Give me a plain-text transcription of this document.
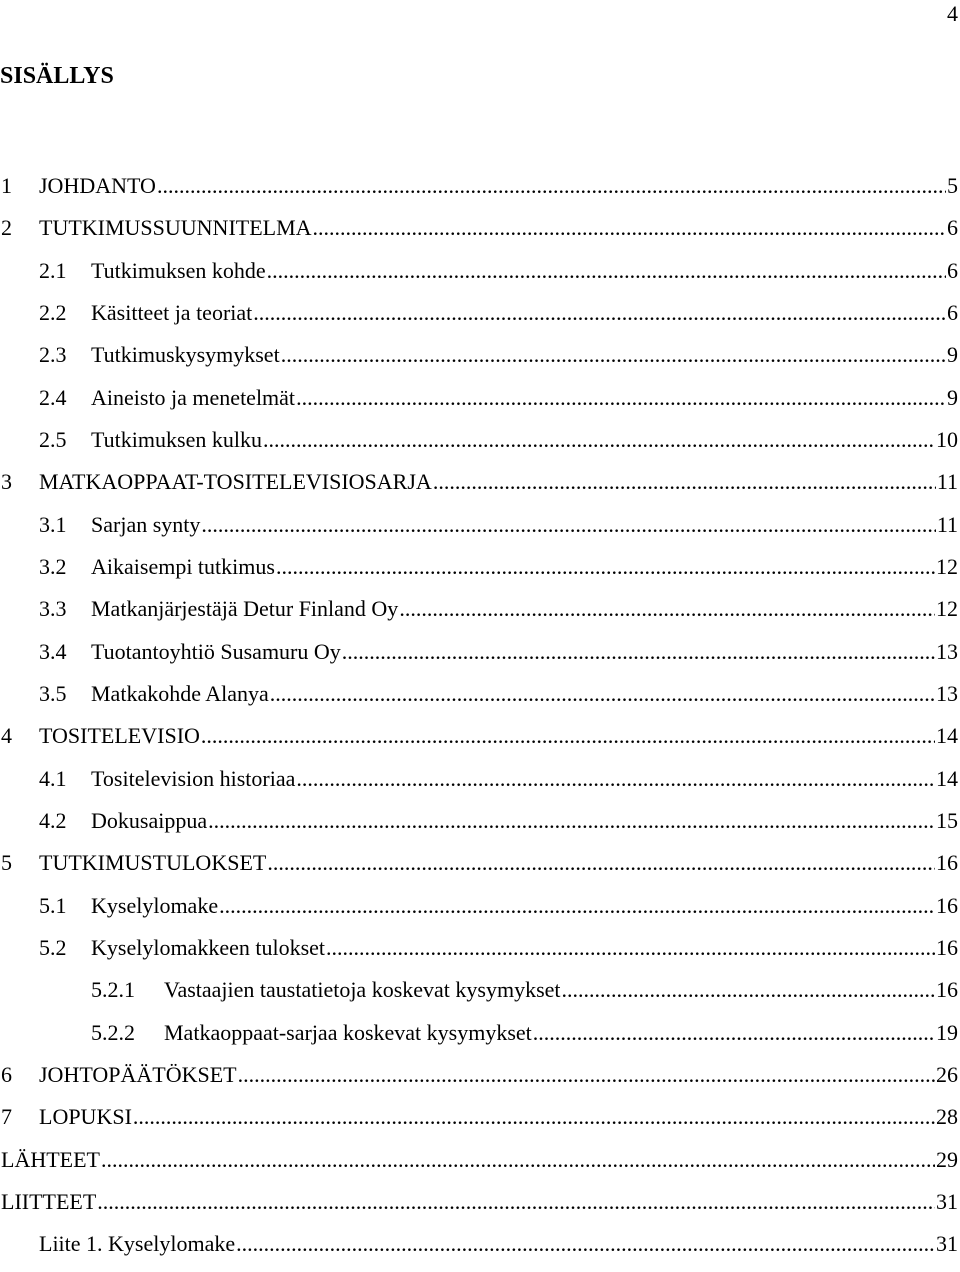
4
SISÄLLYS
1 JOHDANTO .....	5
2 TUTKIMUSSUUNNITELMA .....	6
2.1 Tutkimuksen kohde .....	6
2.2 Käsitteet ja teoriat .....	6
2.3 Tutkimuskysymykset .....	9
2.4 Aineisto ja menetelmät .....	9
2.5 Tutkimuksen kulku .....	10
3 MATKAOPPAAT-TOSITELEVISIOSARJA .....	11
3.1 Sarjan synty .....	11
3.2 Aikaisempi tutkimus .....	12
3.3 Matkanjärjestäjä Detur Finland Oy .....	12
3.4 Tuotantoyhtiö Susamuru Oy .....	13
3.5 Matkakohde Alanya .....	13
4 TOSITELEVISIO .....	14
4.1 Tositelevision historiaa .....	14
4.2 Dokusaippua .....	15
5 TUTKIMUSTULOKSET .....	16
5.1 Kyselylomake .....	16
5.2 Kyselylomakkeen tulokset .....	16
5.2.1 Vastaajien taustatietoja koskevat kysymykset .....	16
5.2.2 Matkaoppaat-sarjaa koskevat kysymykset .....	19
6 JOHTOPÄÄTÖKSET .....	26
7 LOPUKSI .....	28
LÄHTEET .....	29
LIITTEET .....	31
Liite 1. Kyselylomake .....	31
